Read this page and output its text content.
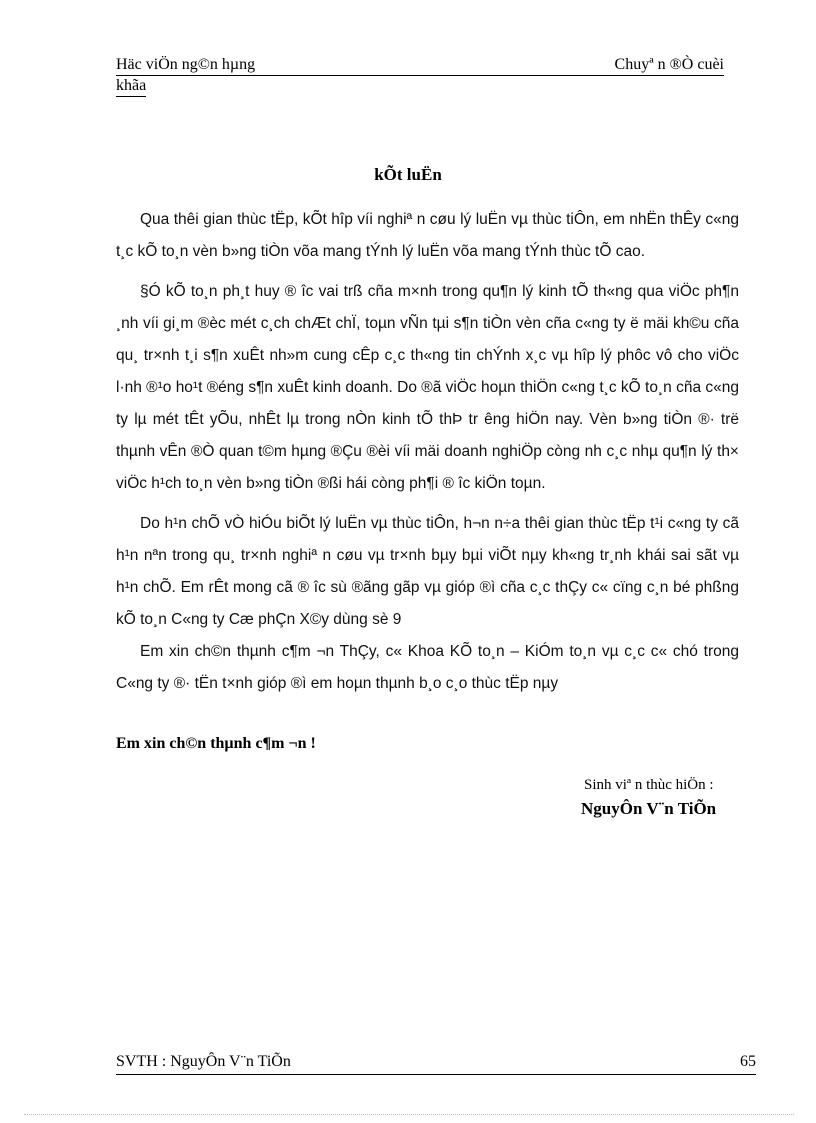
Häc viÖn ng©n hµng	Chuyª n ®Ò cuèi
khãa
kÕt luËn

Qua thêi gian thùc tËp, kÕt hîp víi nghiª n cøu lý luËn vµ thùc tiÔn, em nhËn thÊy c«ng t¸c kÕ to¸n vèn b»ng tiÒn võa mang tÝnh lý luËn võa mang tÝnh thùc tÕ cao.

§Ó kÕ to¸n ph¸t huy ® îc vai trß cña m×nh trong qu¶n lý kinh tÕ th«ng qua viÖc ph¶n ¸nh víi gi¸m ®èc mét c¸ch chÆt chÏ, toµn vÑn tµi s¶n tiÒn vèn cña c«ng ty ë mäi kh©u cña qu¸ tr×nh t¸i s¶n xuÊt nh»m cung cÊp c¸c th«ng tin chÝnh x¸c vµ hîp lý phôc vô cho viÖc l·nh ®¹o ho¹t ®éng s¶n xuÊt kinh doanh. Do ®ã viÖc hoµn thiÖn c«ng t¸c kÕ to¸n cña c«ng ty lµ mét tÊt yÕu, nhÊt lµ trong nÒn kinh tÕ thÞ tr êng hiÖn nay. Vèn b»ng tiÒn ®· trë thµnh vÊn ®Ò quan t©m hµng ®Çu ®èi víi mäi doanh nghiÖp còng nh c¸c nhµ qu¶n lý th× viÖc h¹ch to¸n vèn b»ng tiÒn ®ßi hái còng ph¶i ® îc kiÖn toµn.

Do h¹n chÕ vÒ hiÓu biÕt lý luËn vµ thùc tiÔn, h¬n n÷a thêi gian thùc tËp t¹i c«ng ty cã h¹n nªn trong qu¸ tr×nh nghiª n cøu vµ tr×nh bµy bµi viÕt nµy kh«ng tr¸nh khái sai sãt vµ h¹n chÕ. Em rÊt mong cã ® îc sù ®ãng gãp vµ gióp ®ì cña c¸c thÇy c« cïng c¸n bé phßng kÕ to¸n C«ng ty Cæ phÇn X©y dùng sè 9

Em xin ch©n thµnh c¶m ¬n ThÇy, c« Khoa KÕ to¸n – KiÓm to¸n vµ c¸c c« chó trong C«ng ty ®· tËn t×nh gióp ®ì em hoµn thµnh b¸o c¸o thùc tËp nµy

Em xin ch©n thµnh c¶m ¬n !
Sinh viª n thùc hiÖn :
NguyÔn V¨n TiÕn
SVTH : NguyÔn V¨n TiÕn	65
